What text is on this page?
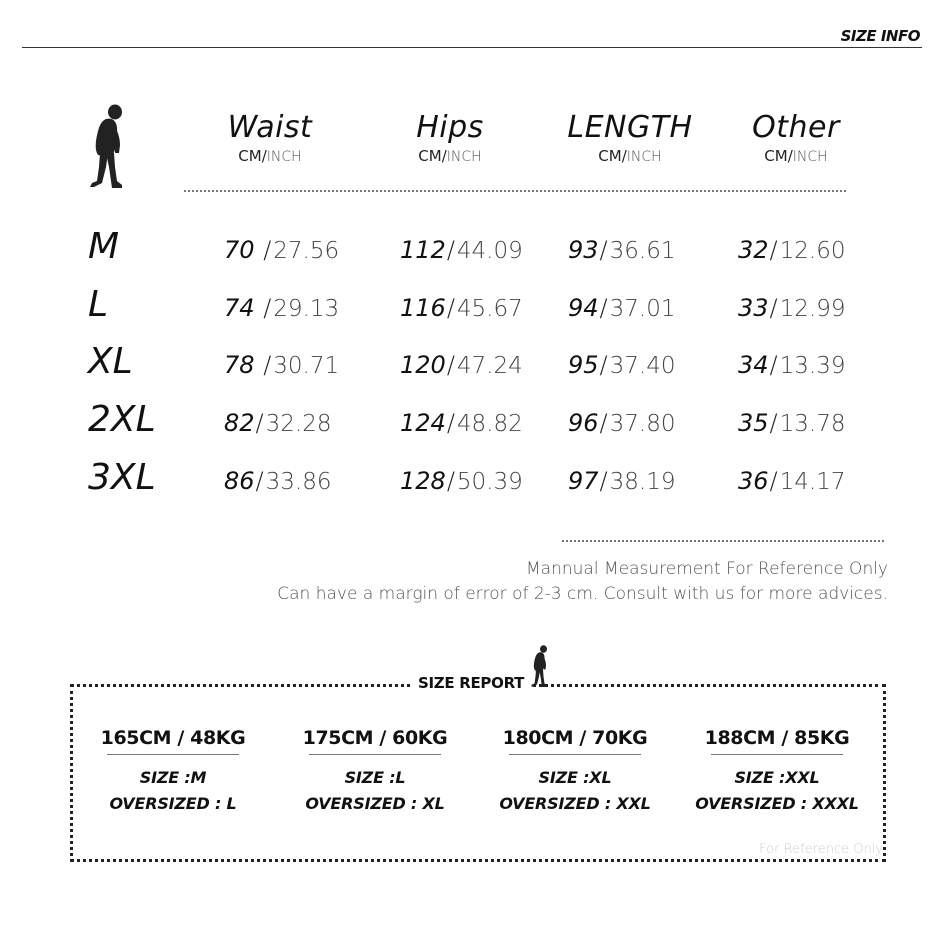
SIZE INFO
Waist
CM/INCH
Hips
CM/INCH
LENGTH
CM/INCH
Other
CM/INCH
M	70 /27.56	112/44.09 93/36.61	32/12.60
L	74 /29.13	116/45.67 94/37.01	33/12.99
XL	78 /30.71	120/47.24 95/37.40	34/13.39
2XL	82/32.28	124/48.82 96/37.80	35/13.78
3XL	86/33.86	128/50.39 97/38.19	36/14.17
Mannual Measurement For Reference Only
Can have a margin of error of 2-3 cm. Consult with us for more advices.
SIZE REPORT
165CM / 48KG
SIZE :M
OVERSIZED : L
175CM / 60KG
SIZE :L
OVERSIZED : XL
180CM / 70KG
SIZE :XL
OVERSIZED : XXL
188CM / 85KG
SIZE :XXL
OVERSIZED : XXXL
For Reference Only
